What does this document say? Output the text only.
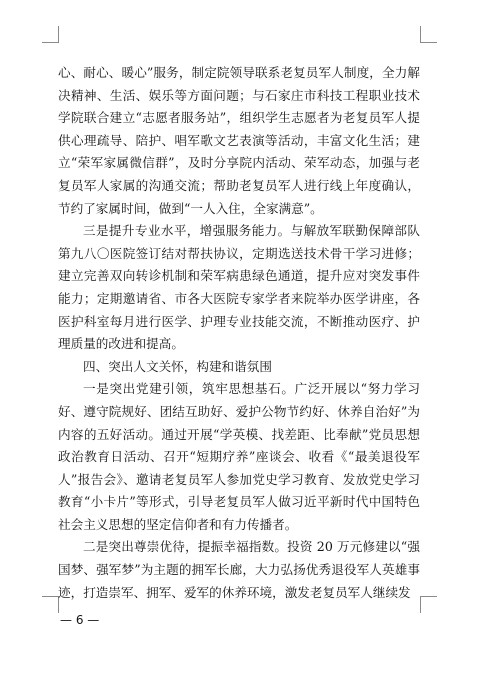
心、耐心、暖心”服务，制定院领导联系老复员军人制度，全力解决精神、生活、娱乐等方面问题；与石家庄市科技工程职业技术学院联合建立“志愿者服务站”，组织学生志愿者为老复员军人提供心理疏导、陪护、唱军歌文艺表演等活动，丰富文化生活；建立“荣军家属微信群”，及时分享院内活动、荣军动态，加强与老复员军人家属的沟通交流；帮助老复员军人进行线上年度确认，节约了家属时间，做到“一人入住，全家满意”。

三是提升专业水平，增强服务能力。与解放军联勤保障部队第九八〇医院签订结对帮扶协议，定期选送技术骨干学习进修；建立完善双向转诊机制和荣军病患绿色通道，提升应对突发事件能力；定期邀请省、市各大医院专家学者来院举办医学讲座，各医护科室每月进行医学、护理专业技能交流，不断推动医疗、护理质量的改进和提高。

四、突出人文关怀，构建和谐氛围

一是突出党建引领，筑牢思想基石。广泛开展以“努力学习好、遵守院规好、团结互助好、爱护公物节约好、休养自治好”为内容的五好活动。通过开展“学英模、找差距、比奉献”党员思想政治教育日活动、召开“短期疗养”座谈会、收看《“最美退役军人”报告会》、邀请老复员军人参加党史学习教育、发放党史学习教育“小卡片”等形式，引导老复员军人做习近平新时代中国特色社会主义思想的坚定信仰者和有力传播者。

二是突出尊崇优待，提振幸福指数。投资 20 万元修建以“强国梦、强军梦”为主题的拥军长廊，大力弘扬优秀退役军人英雄事迹，打造崇军、拥军、爱军的休养环境，激发老复员军人继续发

— 6 —
